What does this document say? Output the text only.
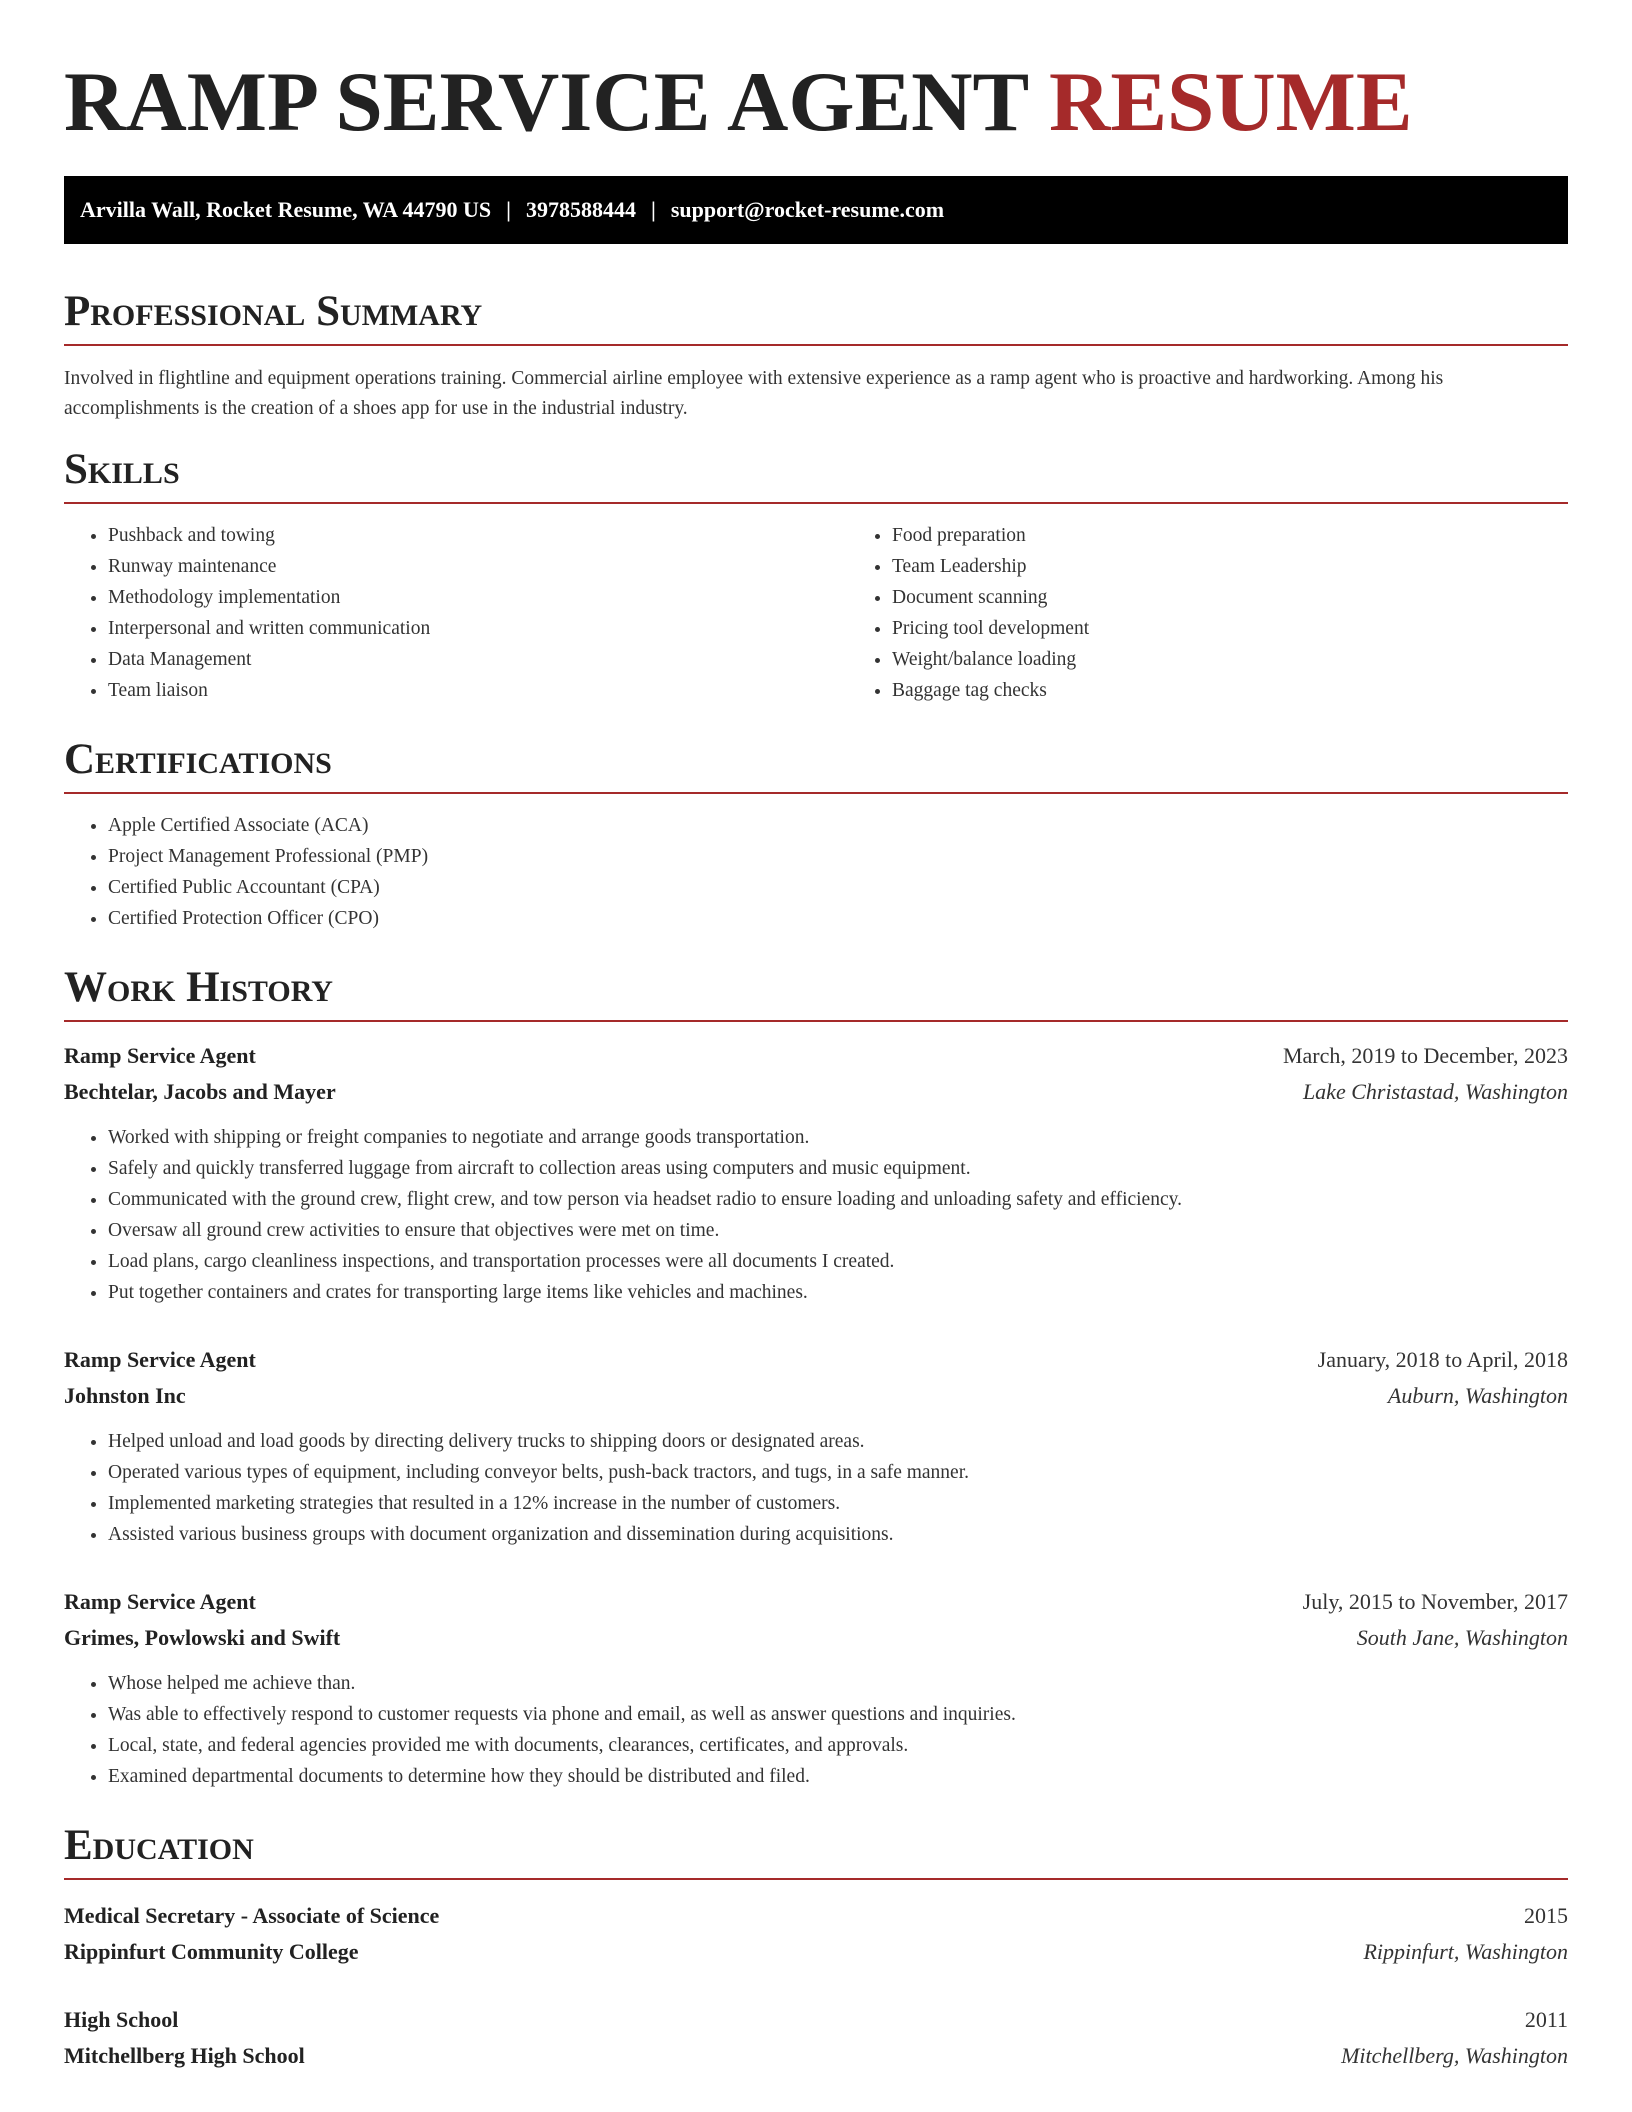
RAMP SERVICE AGENT RESUME
Arvilla Wall, Rocket Resume, WA 44790 US | 3978588444 | support@rocket-resume.com
Professional Summary

Involved in flightline and equipment operations training. Commercial airline employee with extensive experience as a ramp agent who is proactive and hardworking. Among his accomplishments is the creation of a shoes app for use in the industrial industry.

Skills
• Pushback and towing
• Runway maintenance
• Methodology implementation
• Interpersonal and written communication
• Data Management
• Team liaison
• Food preparation
• Team Leadership
• Document scanning
• Pricing tool development
• Weight/balance loading
• Baggage tag checks
Certifications
• Apple Certified Associate (ACA)
• Project Management Professional (PMP)
• Certified Public Accountant (CPA)
• Certified Protection Officer (CPO)
Work History
Ramp Service Agent	March, 2019 to December, 2023
Bechtelar, Jacobs and Mayer	Lake Christastad, Washington
• Worked with shipping or freight companies to negotiate and arrange goods transportation.
• Safely and quickly transferred luggage from aircraft to collection areas using computers and music equipment.
• Communicated with the ground crew, flight crew, and tow person via headset radio to ensure loading and unloading safety and efficiency.
• Oversaw all ground crew activities to ensure that objectives were met on time.
• Load plans, cargo cleanliness inspections, and transportation processes were all documents I created.
• Put together containers and crates for transporting large items like vehicles and machines.
Ramp Service Agent	January, 2018 to April, 2018
Johnston Inc	Auburn, Washington
• Helped unload and load goods by directing delivery trucks to shipping doors or designated areas.
• Operated various types of equipment, including conveyor belts, push-back tractors, and tugs, in a safe manner.
• Implemented marketing strategies that resulted in a 12% increase in the number of customers.
• Assisted various business groups with document organization and dissemination during acquisitions.
Ramp Service Agent	July, 2015 to November, 2017
Grimes, Powlowski and Swift	South Jane, Washington
• Whose helped me achieve than.
• Was able to effectively respond to customer requests via phone and email, as well as answer questions and inquiries.
• Local, state, and federal agencies provided me with documents, clearances, certificates, and approvals.
• Examined departmental documents to determine how they should be distributed and filed.
Education
Medical Secretary - Associate of Science	2015
Rippinfurt Community College	Rippinfurt, Washington
High School	2011
Mitchellberg High School	Mitchellberg, Washington
